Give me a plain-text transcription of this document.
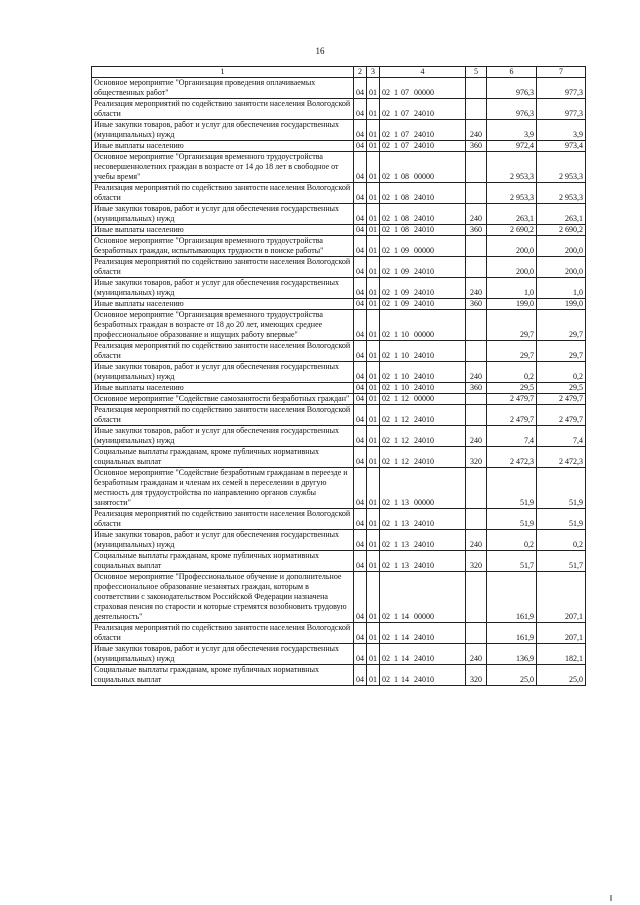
16
1	2	3	4	5	6	7
Основное мероприятие "Организация проведения оплачиваемых общественных работ"	04	01	02 1 07 00000		976,3	977,3
Реализация мероприятий по содействию занятости населения Вологодской области	04	01	02 1 07 24010		976,3	977,3
Иные закупки товаров, работ и услуг для обеспечения государственных (муниципальных) нужд	04	01	02 1 07 24010	240	3,9	3,9
Иные выплаты населению	04	01	02 1 07 24010	360	972,4	973,4
Основное мероприятие "Организация временного трудоустройства несовершеннолетних граждан в возрасте от 14 до 18 лет в свободное от учебы время"	04	01	02 1 08 00000		2 953,3	2 953,3
Реализация мероприятий по содействию занятости населения Вологодской области	04	01	02 1 08 24010		2 953,3	2 953,3
Иные закупки товаров, работ и услуг для обеспечения государственных (муниципальных) нужд	04	01	02 1 08 24010	240	263,1	263,1
Иные выплаты населению	04	01	02 1 08 24010	360	2 690,2	2 690,2
Основное мероприятие "Организация временного трудоустройства безработных граждан, испытывающих трудности в поиске работы"	04	01	02 1 09 00000		200,0	200,0
Реализация мероприятий по содействию занятости населения Вологодской области	04	01	02 1 09 24010		200,0	200,0
Иные закупки товаров, работ и услуг для обеспечения государственных (муниципальных) нужд	04	01	02 1 09 24010	240	1,0	1,0
Иные выплаты населению	04	01	02 1 09 24010	360	199,0	199,0
Основное мероприятие "Организация временного трудоустройства безработных граждан в возрасте от 18 до 20 лет, имеющих среднее профессиональное образование и ищущих работу впервые"	04	01	02 1 10 00000		29,7	29,7
Реализация мероприятий по содействию занятости населения Вологодской области	04	01	02 1 10 24010		29,7	29,7
Иные закупки товаров, работ и услуг для обеспечения государственных (муниципальных) нужд	04	01	02 1 10 24010	240	0,2	0,2
Иные выплаты населению	04	01	02 1 10 24010	360	29,5	29,5
Основное мероприятие "Содействие самозанятости безработных граждан"	04	01	02 1 12 00000		2 479,7	2 479,7
Реализация мероприятий по содействию занятости населения Вологодской области	04	01	02 1 12 24010		2 479,7	2 479,7
Иные закупки товаров, работ и услуг для обеспечения государственных (муниципальных) нужд	04	01	02 1 12 24010	240	7,4	7,4
Социальные выплаты гражданам, кроме публичных нормативных социальных выплат	04	01	02 1 12 24010	320	2 472,3	2 472,3
Основное мероприятие "Содействие безработным гражданам в переезде и безработным гражданам и членам их семей в переселении в другую местность для трудоустройства по направлению органов службы занятости"	04	01	02 1 13 00000		51,9	51,9
Реализация мероприятий по содействию занятости населения Вологодской области	04	01	02 1 13 24010		51,9	51,9
Иные закупки товаров, работ и услуг для обеспечения государственных (муниципальных) нужд	04	01	02 1 13 24010	240	0,2	0,2
Социальные выплаты гражданам, кроме публичных нормативных социальных выплат	04	01	02 1 13 24010	320	51,7	51,7
Основное мероприятие "Профессиональное обучение и дополнительное профессиональное образование незанятых граждан, которым в соответствии с законодательством Российской Федерации назначена страховая пенсия по старости и которые стремятся возобновить трудовую деятельность"	04	01	02 1 14 00000		161,9	207,1
Реализация мероприятий по содействию занятости населения Вологодской области	04	01	02 1 14 24010		161,9	207,1
Иные закупки товаров, работ и услуг для обеспечения государственных (муниципальных) нужд	04	01	02 1 14 24010	240	136,9	182,1
Социальные выплаты гражданам, кроме публичных нормативных социальных выплат	04	01	02 1 14 24010	320	25,0	25,0
